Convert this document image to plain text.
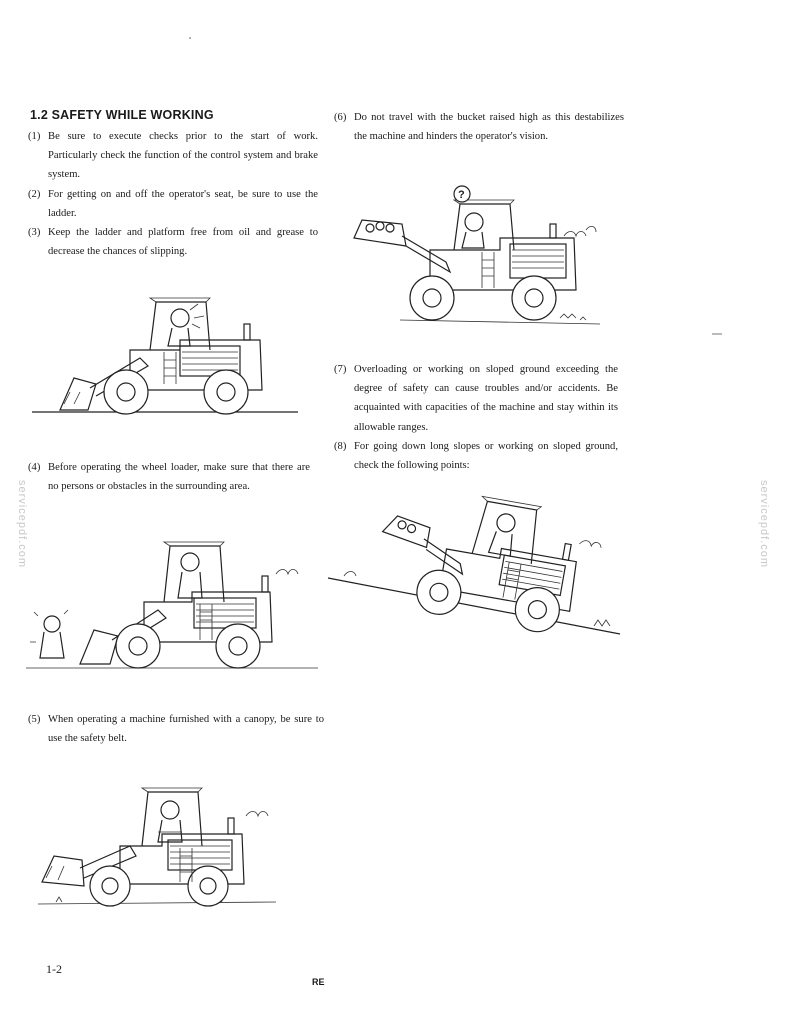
1.2 SAFETY WHILE WORKING
(1) Be sure to execute checks prior to the start of work. Particularly check the function of the control system and brake system.
(2) For getting on and off the operator's seat, be sure to use the ladder.
(3) Keep the ladder and platform free from oil and grease to decrease the chances of slipping.
(4) Before operating the wheel loader, make sure that there are no persons or obstacles in the surrounding area.
(5) When operating a machine furnished with a canopy, be sure to use the safety belt.
(6) Do not travel with the bucket raised high as this destabilizes the machine and hinders the operator's vision.
(7) Overloading or working on sloped ground exceeding the degree of safety can cause troubles and/or accidents. Be acquainted with capacities of the machine and stay within its allowable ranges.
(8) For going down long slopes or working on sloped ground, check the following points:
?
servicepdf.com	servicepdf.com
1-2
RE
